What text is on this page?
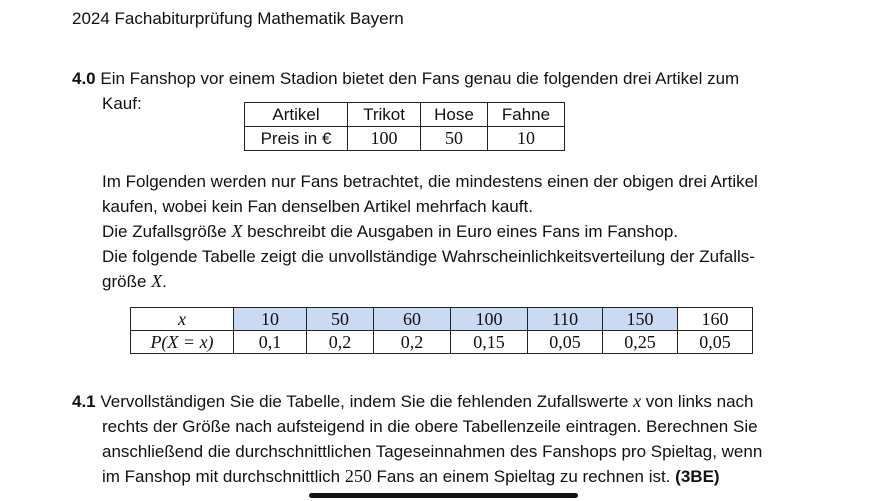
2024 Fachabiturprüfung Mathematik Bayern
4.0 Ein Fanshop vor einem Stadion bietet den Fans genau die folgenden drei Artikel zum
Kauf:
Artikel	Trikot	Hose	Fahne
Preis in €	100	50	10
Im Folgenden werden nur Fans betrachtet, die mindestens einen der obigen drei Artikel
kaufen, wobei kein Fan denselben Artikel mehrfach kauft.
Die Zufallsgröße X beschreibt die Ausgaben in Euro eines Fans im Fanshop.
Die folgende Tabelle zeigt die unvollständige Wahrscheinlichkeitsverteilung der Zufalls-
größe X.
x	10	50	60	100	110	150	160
P(X = x)	0,1	0,2	0,2	0,15	0,05	0,25	0,05
4.1 Vervollständigen Sie die Tabelle, indem Sie die fehlenden Zufallswerte x von links nach
rechts der Größe nach aufsteigend in die obere Tabellenzeile eintragen. Berechnen Sie
anschließend die durchschnittlichen Tageseinnahmen des Fanshops pro Spieltag, wenn
im Fanshop mit durchschnittlich 250 Fans an einem Spieltag zu rechnen ist. (3BE)
